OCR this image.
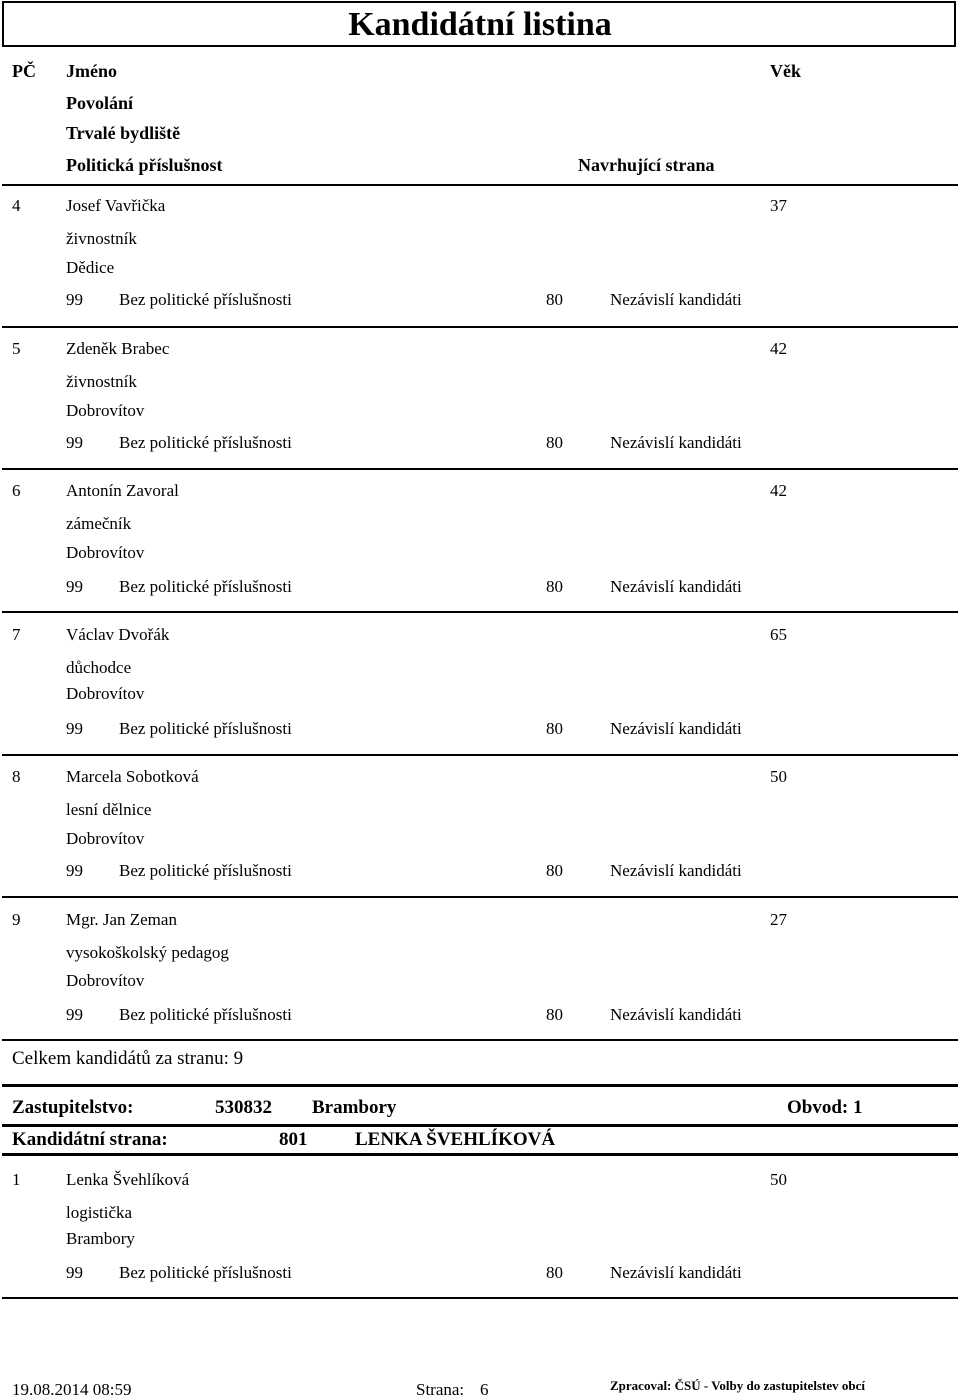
Kandidátní listina
PČ Jméno	Věk
Povolání
Trvalé bydliště
Politická příslušnost	Navrhující strana
4	Josef Vavřička	37
živnostník
Dědice
99 Bez politické příslušnosti	80	Nezávislí kandidáti
5	Zdeněk Brabec	42
živnostník
Dobrovítov
99 Bez politické příslušnosti	80	Nezávislí kandidáti
6	Antonín Zavoral	42
zámečník
Dobrovítov
99 Bez politické příslušnosti	80	Nezávislí kandidáti
7	Václav Dvořák	65
důchodce
Dobrovítov
99 Bez politické příslušnosti	80	Nezávislí kandidáti
8	Marcela Sobotková	50
lesní dělnice
Dobrovítov
99 Bez politické příslušnosti	80	Nezávislí kandidáti
9	Mgr. Jan Zeman	27
vysokoškolský pedagog
Dobrovítov
99 Bez politické příslušnosti	80	Nezávislí kandidáti
Celkem kandidátů za stranu: 9
Zastupitelstvo:	530832 Brambory	Obvod: 1
Kandidátní strana:	801	LENKA ŠVEHLÍKOVÁ
1	Lenka Švehlíková	50
logistička
Brambory
99 Bez politické příslušnosti	80	Nezávislí kandidáti
19.08.2014 08:59	Strana: 6	Zpracoval: ČSÚ - Volby do zastupitelstev obcí
